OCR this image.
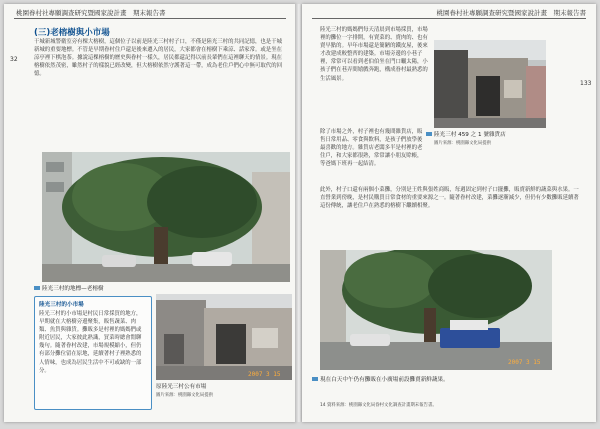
桃園眷村社專願調查研究暨國家說計畫　期末報告書
32
(三)老榕樹與小市場

干城新城警衛室旁有棵大榕樹，這個位子以前是陸光三村村子口，不僅是陸光三村的共同記憶，也是干城新城的重要地標。不管是早期眷村住戶還是後來遷入的居民，大家都會在榕樹下乘涼、話家常。或是坐在涼亭裡下棋泡茶。據說這棵榕樹的歷史與眷村一樣久，居民都還記得以前長輩們在這裡聊天的情景。現在榕樹依然茂密，雖然村子的樣貌已經改變，但大榕樹依然守護著這一帶，成為老住戶們心中無可取代的回憶。

陸光三村的地標—老榕樹
陸光三村的小市場

陸光三村的小市場是村民日常採買的地方，早期就在大榕樹旁邊聚集，販售蔬菜、肉類、魚貨與雜貨。攤販多是村裡的媽媽們或附近居民，大家彼此熟識，買菜時總會閒聊幾句。隨著眷村改建，市場規模縮小，但仍有部分攤位留在原地，延續著村子裡熟悉的人情味，也成為居民生活中不可或缺的一部分。

2007 3 15
原陸光三村公有市場
圖片來源：桃園縣文化局提供
桃園眷村社專願調查研究暨國家說計畫　期末報告書
133

陸光三村的媽媽們每天清晨到市場採買，市場裡的攤位一字排開，有賣菜的、賣肉的、也有賣早點的。早年市場還是簡陋的鐵皮屋，後來才改建成較整齊的建築。市場旁邊的小巷子裡，常常可以看到老伯伯坐在門口曬太陽，小孩子們在巷弄間嬉戲奔跑，構成眷村最熟悉的生活風景。

陸光三村 459 之 1 號雜貨店
圖片來源：桃園縣文化局提供

除了市場之外，村子裡也有幾間雜貨店，販售日常用品、零食與飲料，是孩子們放學後最喜歡的地方。雜貨店老闆多半是村裡的老住戶，和大家都很熟，常常讓小朋友賒帳，等爸媽下班再一起結清。

此外，村子口還有兩個小菜攤，分別是王姓與張姓商販，每週固定到村子口擺攤，販賣新鮮的蔬菜與水果。一直營業到傍晚，是村民購買日常食材的重要來源之一。隨著眷村改建，菜攤逐漸減少，但仍有少數攤販延續著這份傳統，讓老住戶在熟悉的榕樹下繼續相聚。

2007 3 15
現在白天中午仍有攤販在小廣場前設攤賣新鮮蔬果。
14 資料來源：桃園縣文化局眷村文化調查計畫期末報告書。
